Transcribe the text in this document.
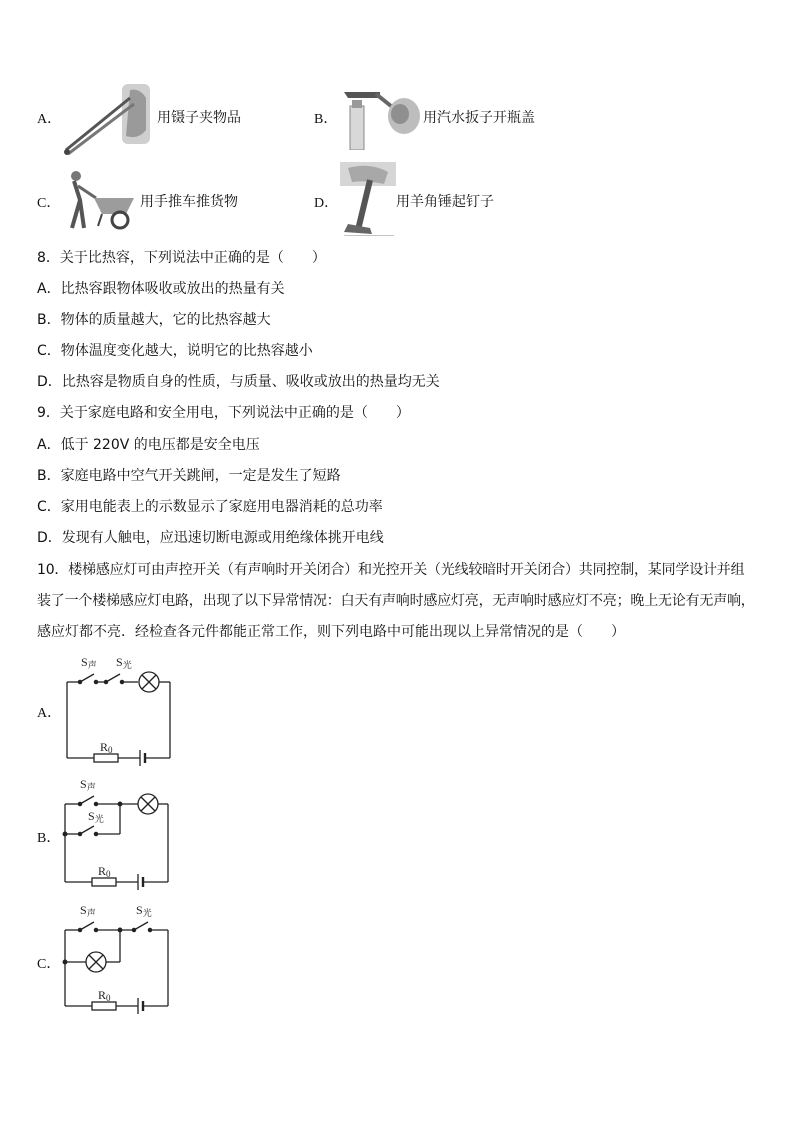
A．	用镊子夹物品	B．	用汽水扳子开瓶盖
C．	用手推车推货物	D．	用羊角锤起钉子
8．关于比热容，下列说法中正确的是（　　）
A．比热容跟物体吸收或放出的热量有关
B．物体的质量越大，它的比热容越大
C．物体温度变化越大，说明它的比热容越小
D．比热容是物质自身的性质，与质量、吸收或放出的热量均无关
9．关于家庭电路和安全用电，下列说法中正确的是（　　）
A．低于 220V 的电压都是安全电压
B．家庭电路中空气开关跳闸，一定是发生了短路
C．家用电能表上的示数显示了家庭用电器消耗的总功率
D．发现有人触电，应迅速切断电源或用绝缘体挑开电线
10．楼梯感应灯可由声控开关（有声响时开关闭合）和光控开关（光线较暗时开关闭合）共同控制，某同学设计并组
装了一个楼梯感应灯电路，出现了以下异常情况：白天有声响时感应灯亮，无声响时感应灯不亮；晚上无论有无声响，
感应灯都不亮．经检查各元件都能正常工作，则下列电路中可能出现以上异常情况的是（　　）
A．
S声 S光
R0
B．
S声
S光
R0
C．
S声	S光
R0
